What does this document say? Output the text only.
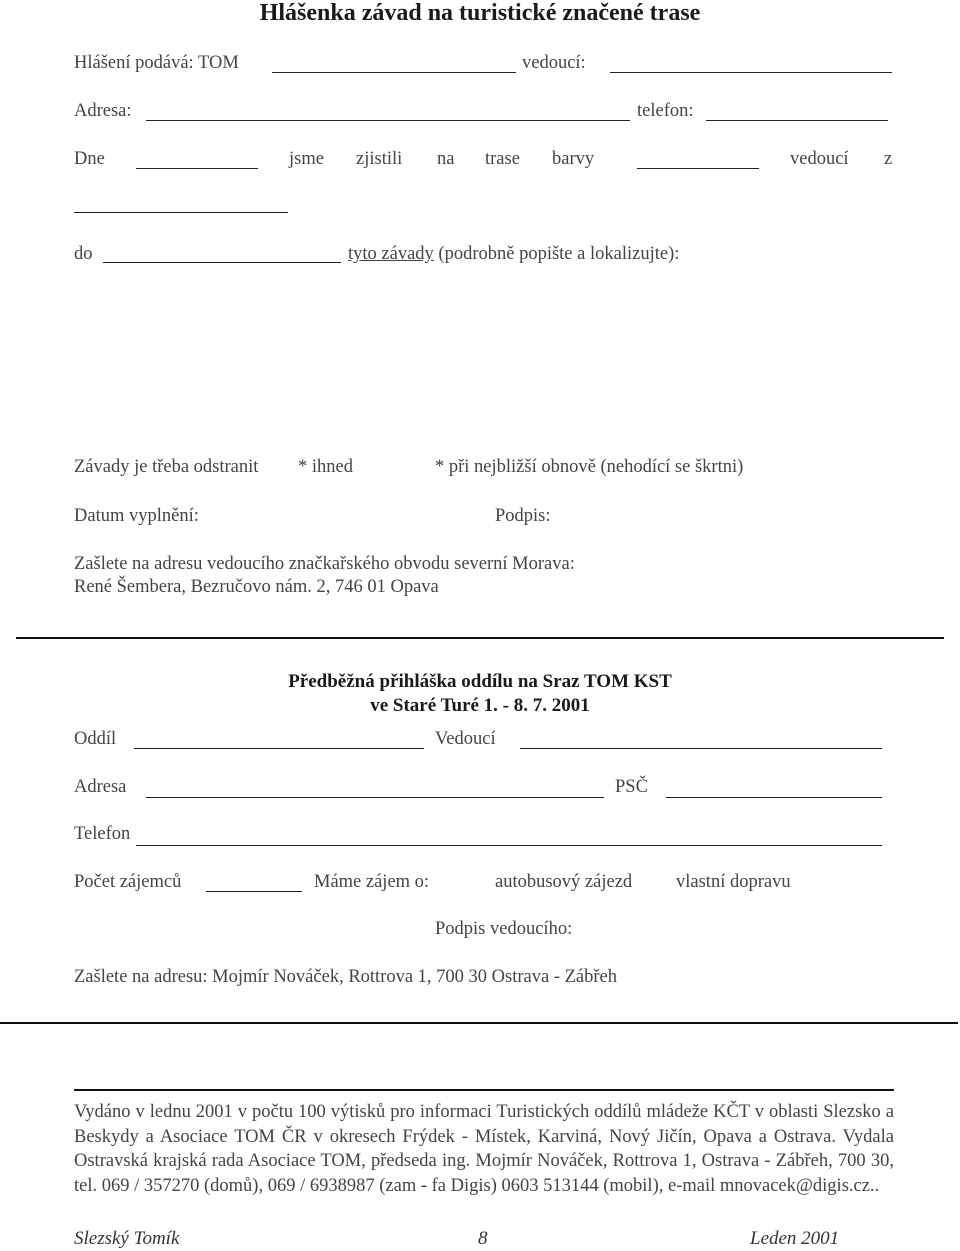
Hlášenka závad na turistické značené trase
Hlášení podává: TOM	vedoucí:
Adresa:	telefon:
Dne	jsme zjistili na trase barvy	vedoucí z
do	tyto závady (podrobně popište a lokalizujte):
Závady je třeba odstranit * ihned	* při nejbližší obnově (nehodící se škrtni)
Datum vyplnění:	Podpis:
Zašlete na adresu vedoucího značkařského obvodu severní Morava:
René Šembera, Bezručovo nám. 2, 746 01 Opava
Předběžná přihláška oddílu na Sraz TOM KST
ve Staré Turé 1. - 8. 7. 2001
Oddíl	Vedoucí
Adresa	PSČ
Telefon
Počet zájemců	Máme zájem o:	autobusový zájezd vlastní dopravu
Podpis vedoucího:
Zašlete na adresu: Mojmír Nováček, Rottrova 1, 700 30 Ostrava - Zábřeh
Vydáno v lednu 2001 v počtu 100 výtisků pro informaci Turistických oddílů mládeže KČT v oblasti Slezsko a Beskydy a Asociace TOM ČR v okresech Frýdek - Místek, Karviná, Nový Jičín, Opava a Ostrava. Vydala Ostravská krajská rada Asociace TOM, předseda ing. Mojmír Nováček, Rottrova 1, Ostrava - Zábřeh, 700 30, tel. 069 / 357270 (domů), 069 / 6938987 (zam - fa Digis) 0603 513144 (mobil), e-mail mnovacek@digis.cz..
Slezský Tomík	8	Leden 2001
